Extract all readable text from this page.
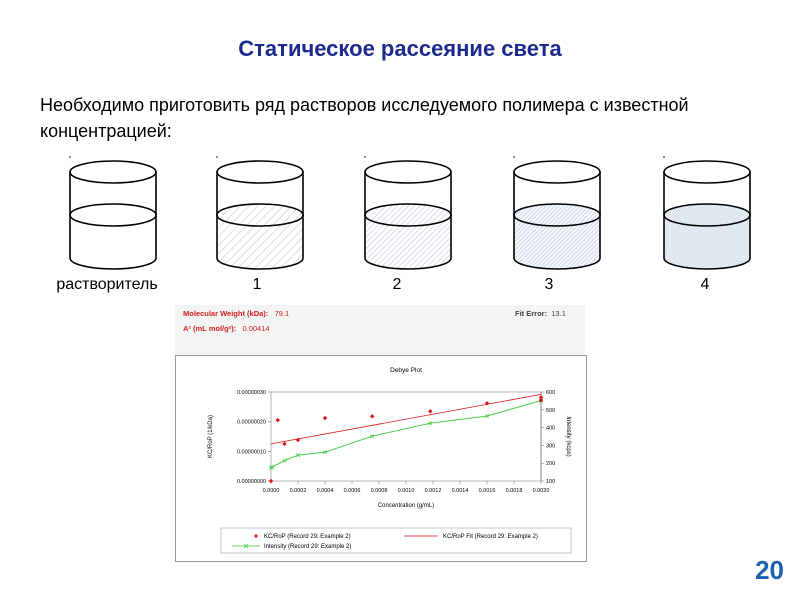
Статическое рассеяние света
Необходимо приготовить ряд растворов исследуемого полимера с известной концентрацией:
растворитель	1	2	3	4
Molecular Weight (kDa): 79.1
A² (mL mol/g²): 0.00414
Fit Error: 13.1
Debye Plot
0.0000 0.0002 0.0004 0.0006 0.0008 0.0010 0.0012 0.0014 0.0016 0.0018 0.0020
0.00000000
0.00000010
0.00000020
0.00000030
100
200
300
400
500
600
Concentration (g/mL)
KC/RoP (1/kDa)	Intensity (kcps)
KC/RoP (Record 29: Example 2)	KC/RoP Fit (Record 29: Example 2)
Intensity (Record 29: Example 2)
20
